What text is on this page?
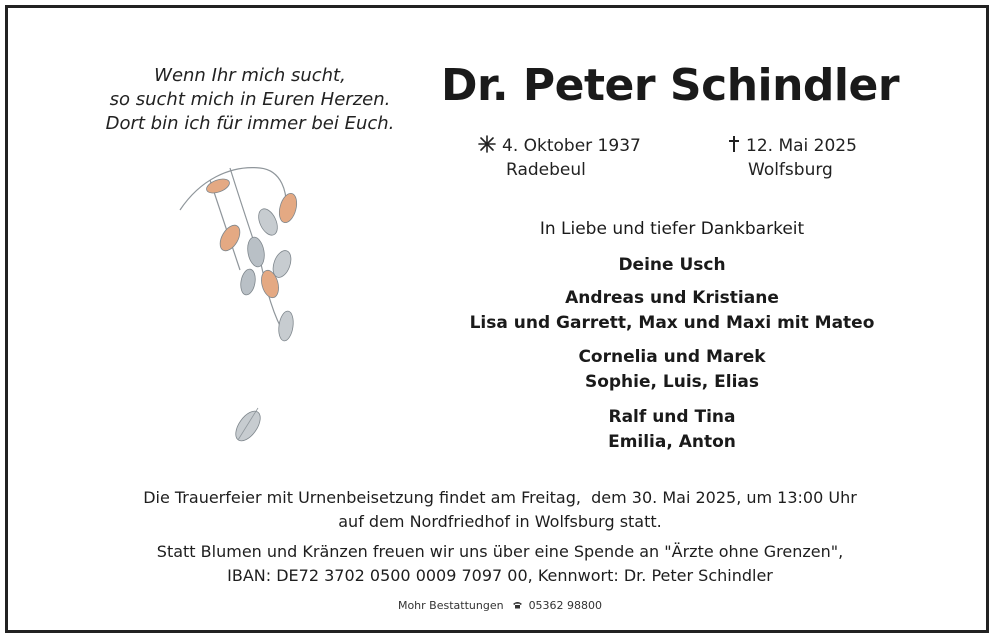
Wenn Ihr mich sucht,
so sucht mich in Euren Herzen.
Dort bin ich für immer bei Euch.
Dr. Peter Schindler
4. Oktober 1937
Radebeul
12. Mai 2025
Wolfsburg
In Liebe und tiefer Dankbarkeit
Deine Usch
Andreas und Kristiane
Lisa und Garrett, Max und Maxi mit Mateo
Cornelia und Marek
Sophie, Luis, Elias
Ralf und Tina
Emilia, Anton
Die Trauerfeier mit Urnenbeisetzung findet am Freitag,  dem 30. Mai 2025, um 13:00 Uhr
auf dem Nordfriedhof in Wolfsburg statt.
Statt Blumen und Kränzen freuen wir uns über eine Spende an "Ärzte ohne Grenzen",
IBAN: DE72 3702 0500 0009 7097 00, Kennwort: Dr. Peter Schindler
Mohr Bestattungen 05362 98800
